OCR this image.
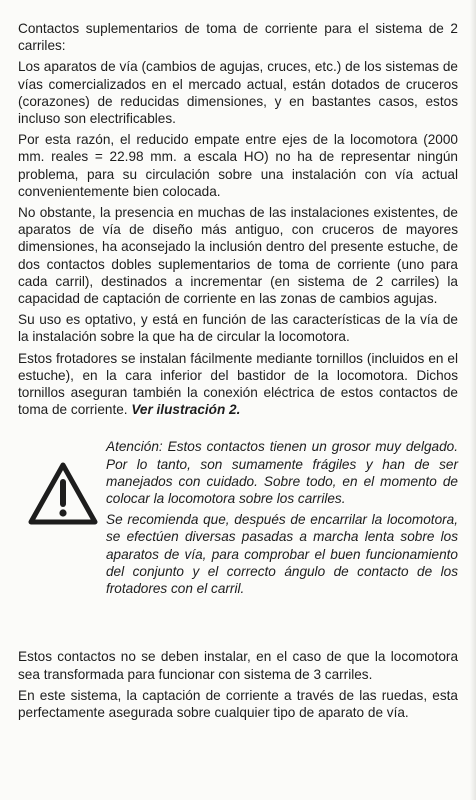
Contactos suplementarios de toma de corriente para el sistema de 2 carriles:

Los aparatos de vía (cambios de agujas, cruces, etc.) de los sistemas de vías comercializados en el mercado actual, están dotados de cruceros (corazones) de reducidas dimensiones, y en bastantes casos, estos incluso son electrificables.

Por esta razón, el reducido empate entre ejes de la locomotora (2000 mm. reales = 22.98 mm. a escala HO) no ha de representar ningún problema, para su circulación sobre una instalación con vía actual convenientemente bien colocada.

No obstante, la presencia en muchas de las instalaciones existentes, de aparatos de vía de diseño más antiguo, con cruceros de mayores dimensiones, ha aconsejado la inclusión dentro del presente estuche, de dos contactos dobles suplementarios de toma de corriente (uno para cada carril), destinados a incrementar (en sistema de 2 carriles) la capacidad de captación de corriente en las zonas de cambios agujas.

Su uso es optativo, y está en función de las características de la vía de la instalación sobre la que ha de circular la locomotora.

Estos frotadores se instalan fácilmente mediante tornillos (incluidos en el estuche), en la cara inferior del bastidor de la locomotora. Dichos tornillos aseguran también la conexión eléctrica de estos contactos de toma de corriente. Ver ilustración 2.

Atención: Estos contactos tienen un grosor muy delgado. Por lo tanto, son sumamente frágiles y han de ser manejados con cuidado. Sobre todo, en el momento de colocar la locomotora sobre los carriles.

Se recomienda que, después de encarrilar la locomotora, se efectúen diversas pasadas a marcha lenta sobre los aparatos de vía, para comprobar el buen funcionamiento del conjunto y el correcto ángulo de contacto de los frotadores con el carril.

Estos contactos no se deben instalar, en el caso de que la locomotora sea transformada para funcionar con sistema de 3 carriles.

En este sistema, la captación de corriente a través de las ruedas, esta perfectamente asegurada sobre cualquier tipo de aparato de vía.
